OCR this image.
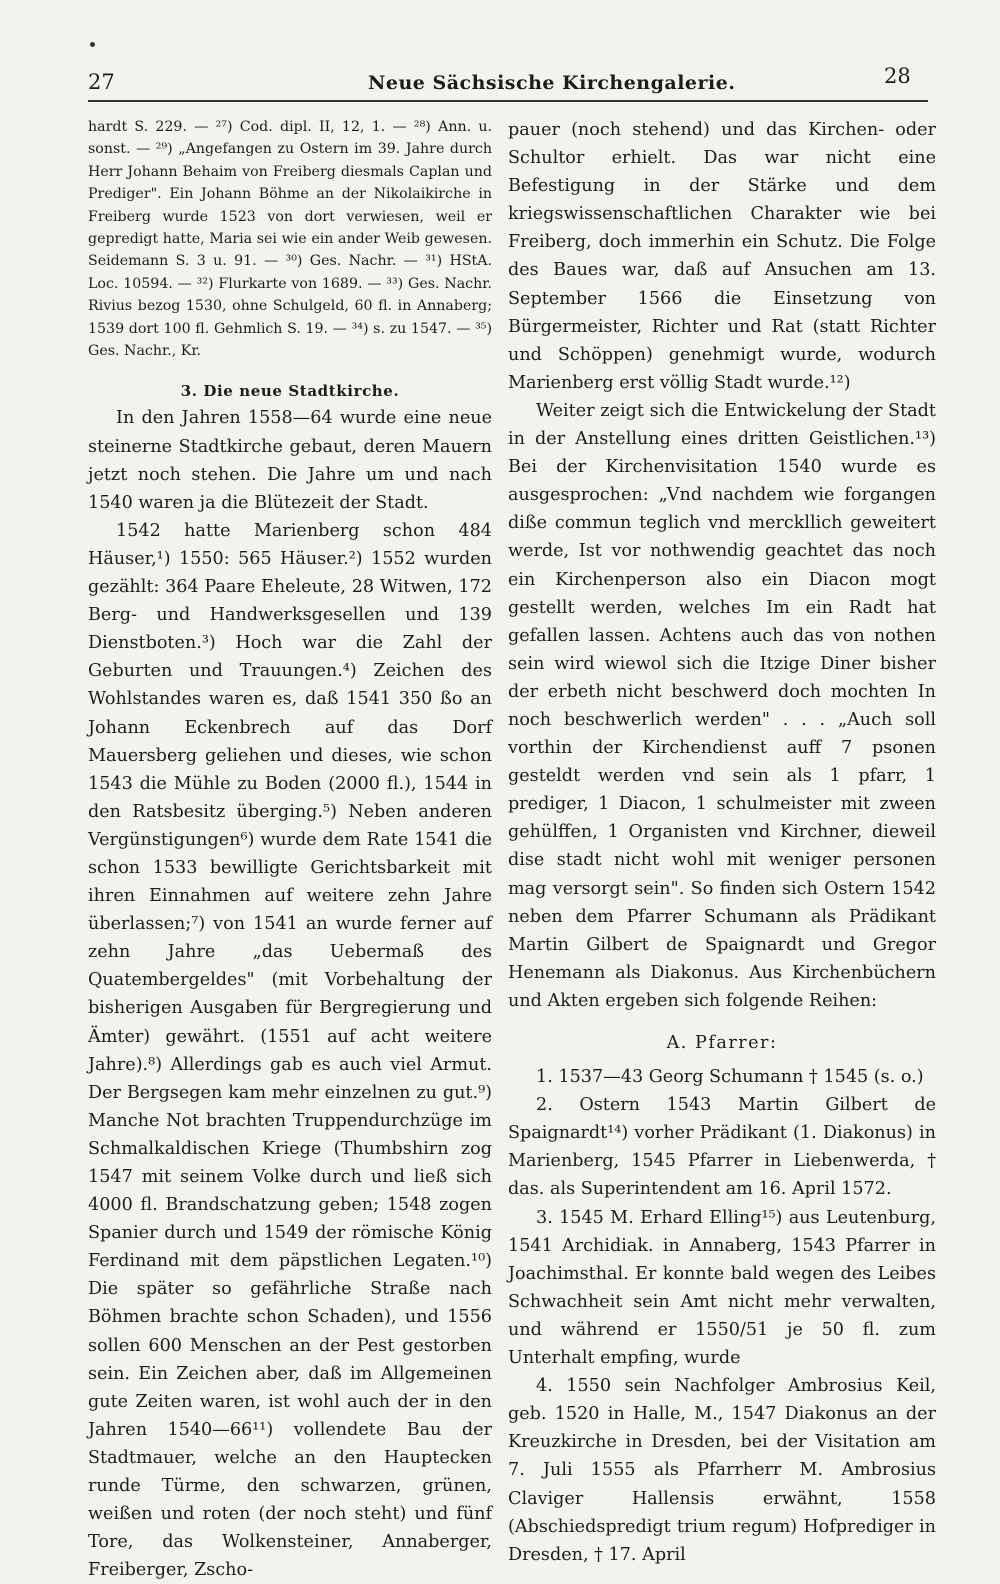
27	Neue Sächsische Kirchengalerie.	28

hardt S. 229. — ²⁷) Cod. dipl. II, 12, 1. — ²⁸) Ann. u. sonst. — ²⁹) „Angefangen zu Ostern im 39. Jahre durch Herr Johann Behaim von Freiberg diesmals Caplan und Prediger". Ein Johann Böhme an der Nikolaikirche in Freiberg wurde 1523 von dort verwiesen, weil er gepredigt hatte, Maria sei wie ein ander Weib gewesen. Seidemann S. 3 u. 91. — ³⁰) Ges. Nachr. — ³¹) HStA. Loc. 10594. — ³²) Flurkarte von 1689. — ³³) Ges. Nachr. Rivius bezog 1530, ohne Schulgeld, 60 fl. in Annaberg; 1539 dort 100 fl. Gehmlich S. 19. — ³⁴) s. zu 1547. — ³⁵) Ges. Nachr., Kr.

3. Die neue Stadtkirche.

In den Jahren 1558—64 wurde eine neue steinerne Stadtkirche gebaut, deren Mauern jetzt noch stehen. Die Jahre um und nach 1540 waren ja die Blütezeit der Stadt.

1542 hatte Marienberg schon 484 Häuser,¹) 1550: 565 Häuser.²) 1552 wurden gezählt: 364 Paare Eheleute, 28 Witwen, 172 Berg- und Handwerksgesellen und 139 Dienstboten.³) Hoch war die Zahl der Geburten und Trauungen.⁴) Zeichen des Wohlstandes waren es, daß 1541 350 ßo an Johann Eckenbrech auf das Dorf Mauersberg geliehen und dieses, wie schon 1543 die Mühle zu Boden (2000 fl.), 1544 in den Ratsbesitz überging.⁵) Neben anderen Vergünstigungen⁶) wurde dem Rate 1541 die schon 1533 bewilligte Gerichtsbarkeit mit ihren Einnahmen auf weitere zehn Jahre überlassen;⁷) von 1541 an wurde ferner auf zehn Jahre „das Uebermaß des Quatembergeldes" (mit Vorbehaltung der bisherigen Ausgaben für Bergregierung und Ämter) gewährt. (1551 auf acht weitere Jahre).⁸) Allerdings gab es auch viel Armut. Der Bergsegen kam mehr einzelnen zu gut.⁹) Manche Not brachten Truppendurchzüge im Schmalkaldischen Kriege (Thumbshirn zog 1547 mit seinem Volke durch und ließ sich 4000 fl. Brandschatzung geben; 1548 zogen Spanier durch und 1549 der römische König Ferdinand mit dem päpstlichen Legaten.¹⁰) Die später so gefährliche Straße nach Böhmen brachte schon Schaden), und 1556 sollen 600 Menschen an der Pest gestorben sein. Ein Zeichen aber, daß im Allgemeinen gute Zeiten waren, ist wohl auch der in den Jahren 1540—66¹¹) vollendete Bau der Stadtmauer, welche an den Hauptecken runde Türme, den schwarzen, grünen, weißen und roten (der noch steht) und fünf Tore, das Wolkensteiner, Annaberger, Freiberger, Zscho-

pauer (noch stehend) und das Kirchen- oder Schultor erhielt. Das war nicht eine Befestigung in der Stärke und dem kriegswissenschaftlichen Charakter wie bei Freiberg, doch immerhin ein Schutz. Die Folge des Baues war, daß auf Ansuchen am 13. September 1566 die Einsetzung von Bürgermeister, Richter und Rat (statt Richter und Schöppen) genehmigt wurde, wodurch Marienberg erst völlig Stadt wurde.¹²)

Weiter zeigt sich die Entwickelung der Stadt in der Anstellung eines dritten Geistlichen.¹³) Bei der Kirchenvisitation 1540 wurde es ausgesprochen: „Vnd nachdem wie forgangen diße commun teglich vnd merckllich geweitert werde, Ist vor nothwendig geachtet das noch ein Kirchenperson also ein Diacon mogt gestellt werden, welches Im ein Radt hat gefallen lassen. Achtens auch das von nothen sein wird wiewol sich die Itzige Diner bisher der erbeth nicht beschwerd doch mochten In noch beschwerlich werden" . . . „Auch soll vorthin der Kirchendienst auff 7 psonen gesteldt werden vnd sein als 1 pfarr, 1 prediger, 1 Diacon, 1 schulmeister mit zween gehülffen, 1 Organisten vnd Kirchner, dieweil dise stadt nicht wohl mit weniger personen mag versorgt sein". So finden sich Ostern 1542 neben dem Pfarrer Schumann als Prädikant Martin Gilbert de Spaignardt und Gregor Henemann als Diakonus. Aus Kirchenbüchern und Akten ergeben sich folgende Reihen:

A. Pfarrer:

1. 1537—43 Georg Schumann † 1545 (s. o.)

2. Ostern 1543 Martin Gilbert de Spaignardt¹⁴) vorher Prädikant (1. Diakonus) in Marienberg, 1545 Pfarrer in Liebenwerda, † das. als Superintendent am 16. April 1572.

3. 1545 M. Erhard Elling¹⁵) aus Leutenburg, 1541 Archidiak. in Annaberg, 1543 Pfarrer in Joachimsthal. Er konnte bald wegen des Leibes Schwachheit sein Amt nicht mehr verwalten, und während er 1550/51 je 50 fl. zum Unterhalt empfing, wurde

4. 1550 sein Nachfolger Ambrosius Keil, geb. 1520 in Halle, M., 1547 Diakonus an der Kreuzkirche in Dresden, bei der Visitation am 7. Juli 1555 als Pfarrherr M. Ambrosius Claviger Hallensis erwähnt, 1558 (Abschiedspredigt trium regum) Hofprediger in Dresden, † 17. April
